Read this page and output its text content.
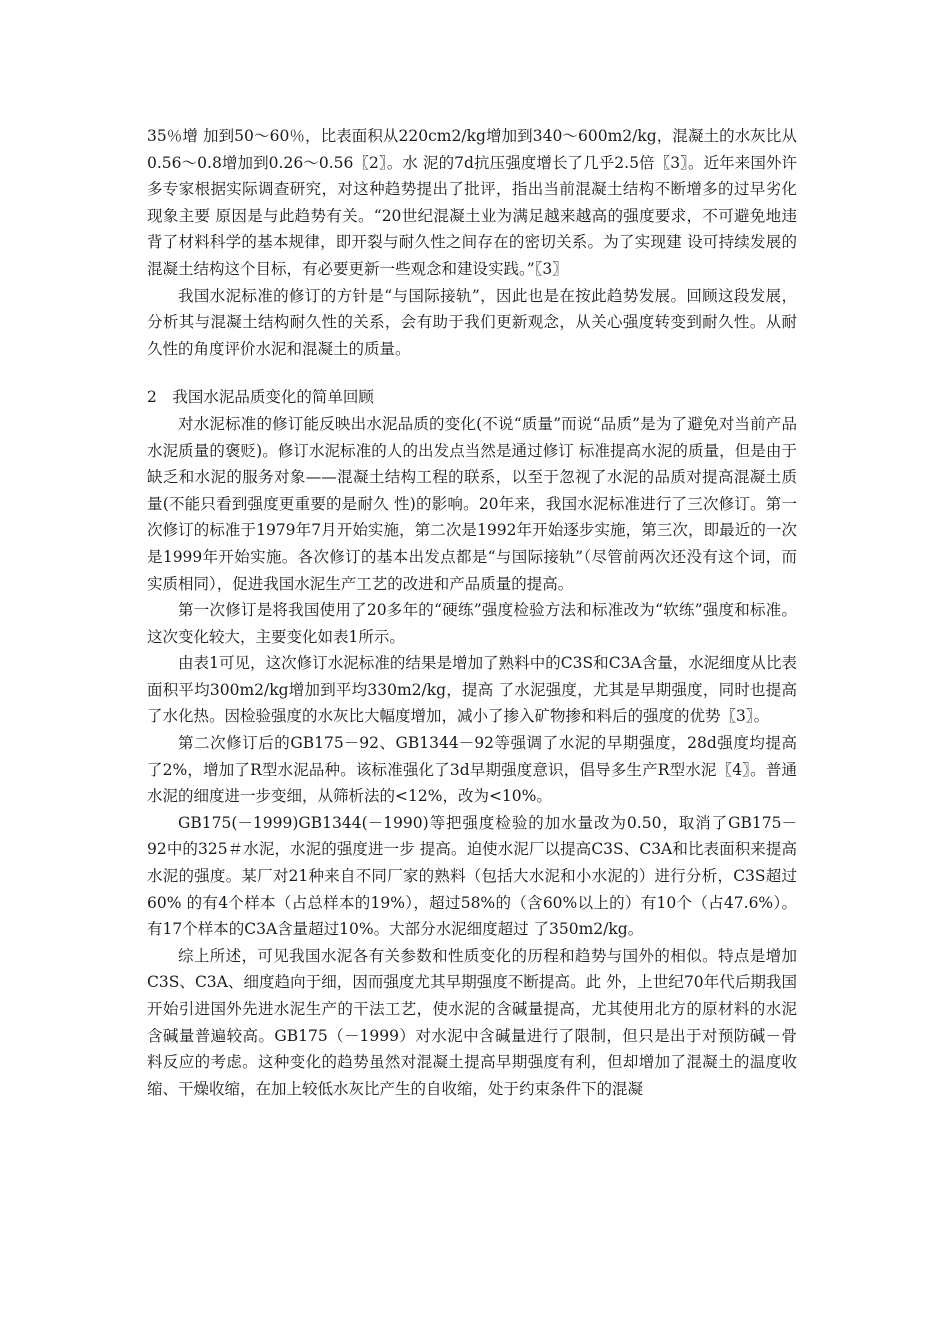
35％增 加到50～60％，比表面积从220cm2/kg增加到340～600m2/kg，混凝土的水灰比从0.56～0.8增加到0.26～0.56〖2〗。水 泥的7d抗压强度增长了几乎2.5倍〖3〗。近年来国外许多专家根据实际调查研究，对这种趋势提出了批评，指出当前混凝土结构不断增多的过早劣化现象主要 原因是与此趋势有关。“20世纪混凝土业为满足越来越高的强度要求，不可避免地违背了材料科学的基本规律，即开裂与耐久性之间存在的密切关系。为了实现建 设可持续发展的混凝土结构这个目标，有必要更新一些观念和建设实践。”〖3〗

我国水泥标准的修订的方针是“与国际接轨”，因此也是在按此趋势发展。回顾这段发展，分析其与混凝土结构耐久性的关系，会有助于我们更新观念，从关心强度转变到耐久性。从耐久性的角度评价水泥和混凝土的质量。

2　我国水泥品质变化的简单回顾

对水泥标准的修订能反映出水泥品质的变化(不说“质量”而说“品质”是为了避免对当前产品水泥质量的褒贬)。修订水泥标准的人的出发点当然是通过修订 标准提高水泥的质量，但是由于缺乏和水泥的服务对象——混凝土结构工程的联系，以至于忽视了水泥的品质对提高混凝土质量(不能只看到强度更重要的是耐久 性)的影响。20年来，我国水泥标准进行了三次修订。第一次修订的标准于1979年7月开始实施，第二次是1992年开始逐步实施，第三次，即最近的一次 是1999年开始实施。各次修订的基本出发点都是“与国际接轨”（尽管前两次还没有这个词，而实质相同），促进我国水泥生产工艺的改进和产品质量的提高。

第一次修订是将我国使用了20多年的“硬练”强度检验方法和标准改为“软练”强度和标准。这次变化较大，主要变化如表1所示。

由表1可见，这次修订水泥标准的结果是增加了熟料中的C3S和C3A含量，水泥细度从比表面积平均300m2/kg增加到平均330m2/kg，提高 了水泥强度，尤其是早期强度，同时也提高了水化热。因检验强度的水灰比大幅度增加，减小了掺入矿物掺和料后的强度的优势〖3〗。

第二次修订后的GB175－92、GB1344－92等强调了水泥的早期强度，28d强度均提高了2%，增加了R型水泥品种。该标准强化了3d早期强度意识，倡导多生产R型水泥〖4〗。普通水泥的细度进一步变细，从筛析法的<12%，改为<10%。

GB175(－1999)GB1344(－1990)等把强度检验的加水量改为0.50，取消了GB175－92中的325＃水泥，水泥的强度进一步 提高。迫使水泥厂以提高C3S、C3A和比表面积来提高水泥的强度。某厂对21种来自不同厂家的熟料（包括大水泥和小水泥的）进行分析，C3S超过60% 的有4个样本（占总样本的19%），超过58%的（含60%以上的）有10个（占47.6%）。有17个样本的C3A含量超过10%。大部分水泥细度超过 了350m2/kg。

综上所述，可见我国水泥各有关参数和性质变化的历程和趋势与国外的相似。特点是增加C3S、C3A、细度趋向于细，因而强度尤其早期强度不断提高。此 外，上世纪70年代后期我国开始引进国外先进水泥生产的干法工艺，使水泥的含碱量提高，尤其使用北方的原材料的水泥含碱量普遍较高。GB175（－1999）对水泥中含碱量进行了限制，但只是出于对预防碱－骨料反应的考虑。这种变化的趋势虽然对混凝土提高早期强度有利，但却增加了混凝土的温度收 缩、干燥收缩，在加上较低水灰比产生的自收缩，处于约束条件下的混凝
